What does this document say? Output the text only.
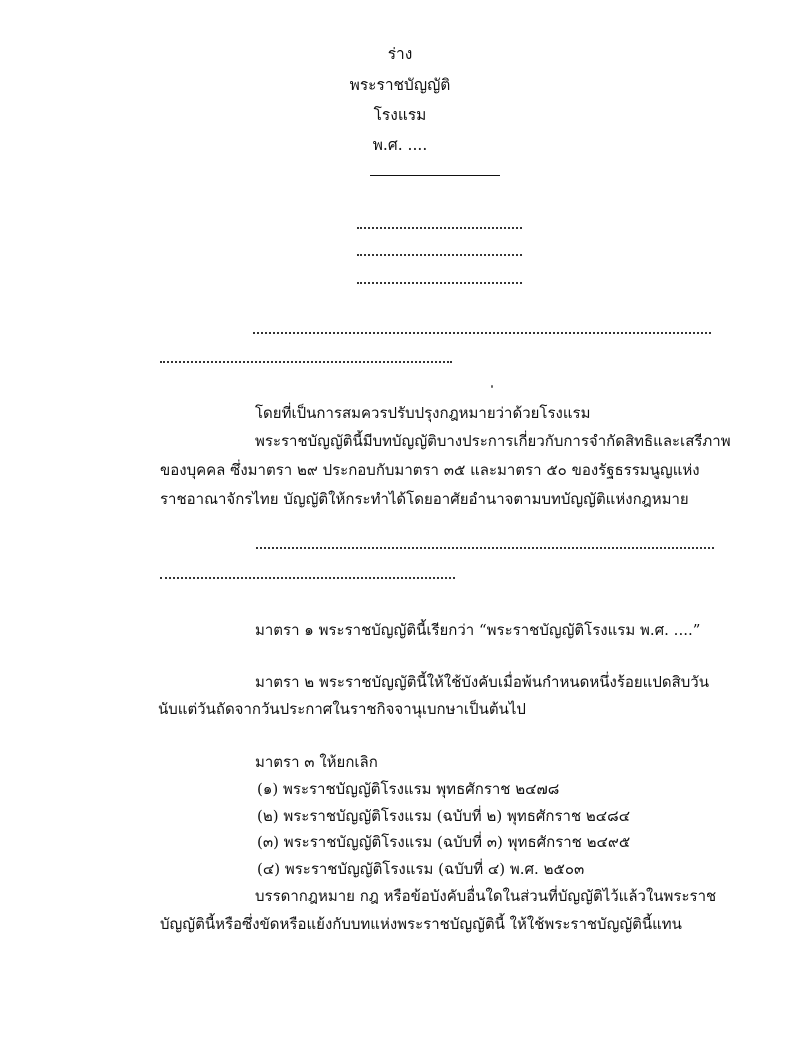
ร่าง
พระราชบัญญัติ
โรงแรม
พ.ศ. ....
โดยที่เป็นการสมควรปรับปรุงกฎหมายว่าด้วยโรงแรม
พระราชบัญญัตินี้มีบทบัญญัติบางประการเกี่ยวกับการจำกัดสิทธิและเสรีภาพ
ของบุคคล ซึ่งมาตรา ๒๙ ประกอบกับมาตรา ๓๕ และมาตรา ๕๐ ของรัฐธรรมนูญแห่ง
ราชอาณาจักรไทย บัญญัติให้กระทำได้โดยอาศัยอำนาจตามบทบัญญัติแห่งกฎหมาย
มาตรา ๑ พระราชบัญญัตินี้เรียกว่า “พระราชบัญญัติโรงแรม พ.ศ. ....”
มาตรา ๒ พระราชบัญญัตินี้ให้ใช้บังคับเมื่อพ้นกำหนดหนึ่งร้อยแปดสิบวัน
นับแต่วันถัดจากวันประกาศในราชกิจจานุเบกษาเป็นต้นไป
มาตรา ๓ ให้ยกเลิก
(๑) พระราชบัญญัติโรงแรม พุทธศักราช ๒๔๗๘
(๒) พระราชบัญญัติโรงแรม (ฉบับที่ ๒) พุทธศักราช ๒๔๘๔
(๓) พระราชบัญญัติโรงแรม (ฉบับที่ ๓) พุทธศักราช ๒๔๙๕
(๔) พระราชบัญญัติโรงแรม (ฉบับที่ ๔) พ.ศ. ๒๕๐๓
บรรดากฎหมาย กฎ หรือข้อบังคับอื่นใดในส่วนที่บัญญัติไว้แล้วในพระราช
บัญญัตินี้หรือซึ่งขัดหรือแย้งกับบทแห่งพระราชบัญญัตินี้ ให้ใช้พระราชบัญญัตินี้แทน
